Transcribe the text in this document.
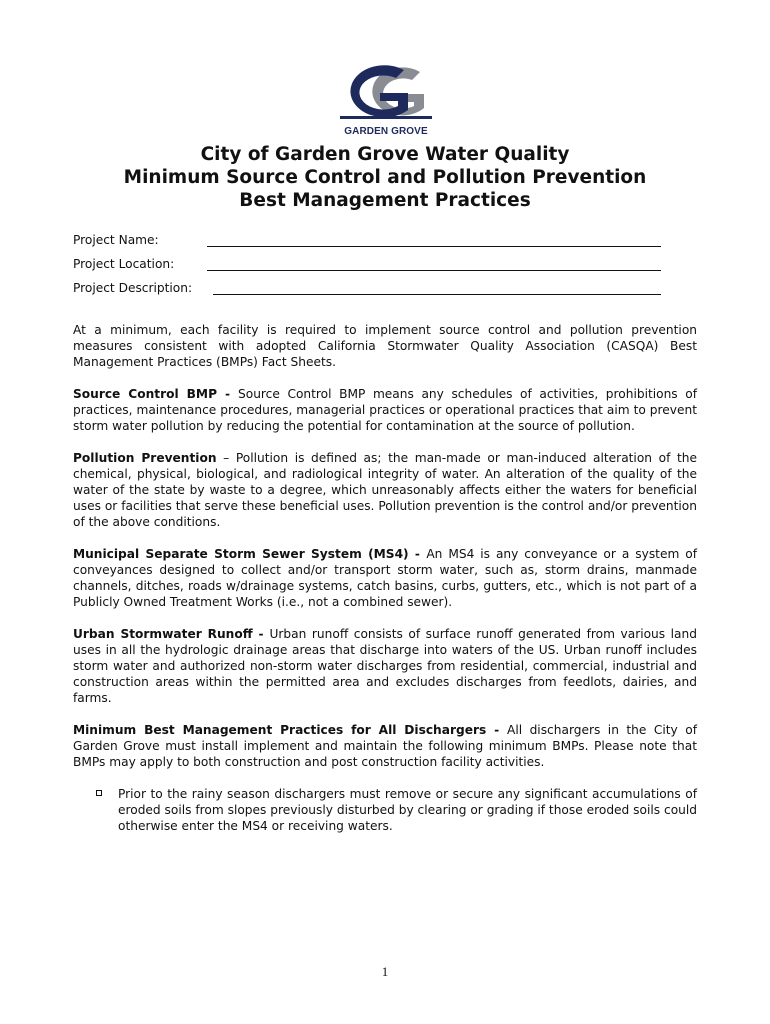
GARDEN GROVE
City of Garden Grove Water Quality
Minimum Source Control and Pollution Prevention
Best Management Practices
Project Name:
Project Location:
Project Description:

At a minimum, each facility is required to implement source control and pollution prevention measures consistent with adopted California Stormwater Quality Association (CASQA) Best Management Practices (BMPs) Fact Sheets.

Source Control BMP - Source Control BMP means any schedules of activities, prohibitions of practices, maintenance procedures, managerial practices or operational practices that aim to prevent storm water pollution by reducing the potential for contamination at the source of pollution.

Pollution Prevention – Pollution is defined as; the man-made or man-induced alteration of the chemical, physical, biological, and radiological integrity of water. An alteration of the quality of the water of the state by waste to a degree, which unreasonably affects either the waters for beneficial uses or facilities that serve these beneficial uses. Pollution prevention is the control and/or prevention of the above conditions.

Municipal Separate Storm Sewer System (MS4) - An MS4 is any conveyance or a system of conveyances designed to collect and/or transport storm water, such as, storm drains, manmade channels, ditches, roads w/drainage systems, catch basins, curbs, gutters, etc., which is not part of a Publicly Owned Treatment Works (i.e., not a combined sewer).

Urban Stormwater Runoff - Urban runoff consists of surface runoff generated from various land uses in all the hydrologic drainage areas that discharge into waters of the US. Urban runoff includes storm water and authorized non-storm water discharges from residential, commercial, industrial and construction areas within the permitted area and excludes discharges from feedlots, dairies, and farms.

Minimum Best Management Practices for All Dischargers - All dischargers in the City of Garden Grove must install implement and maintain the following minimum BMPs. Please note that BMPs may apply to both construction and post construction facility activities.

Prior to the rainy season dischargers must remove or secure any significant accumulations of eroded soils from slopes previously disturbed by clearing or grading if those eroded soils could otherwise enter the MS4 or receiving waters.
1
